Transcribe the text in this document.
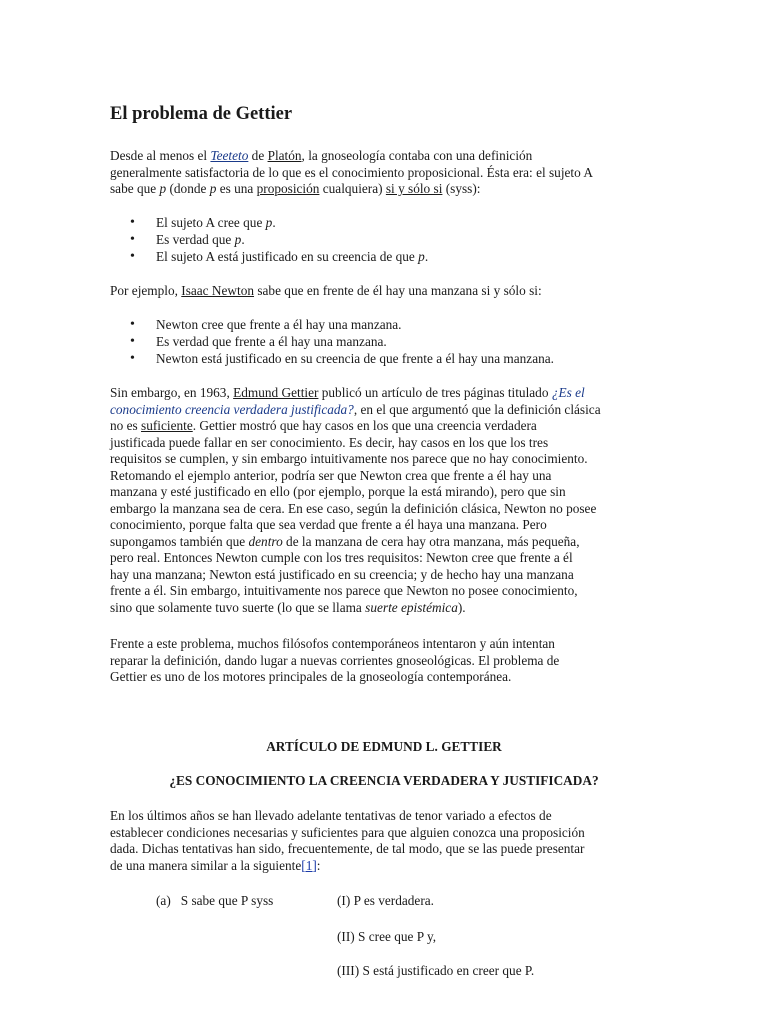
El problema de Gettier

Desde al menos el Teeteto de Platón, la gnoseología contaba con una definición
generalmente satisfactoria de lo que es el conocimiento proposicional. Ésta era: el sujeto A
sabe que p (donde p es una proposición cualquiera) si y sólo si (syss):

• El sujeto A cree que p.
• Es verdad que p.
• El sujeto A está justificado en su creencia de que p.

Por ejemplo, Isaac Newton sabe que en frente de él hay una manzana si y sólo si:

• Newton cree que frente a él hay una manzana.
• Es verdad que frente a él hay una manzana.
• Newton está justificado en su creencia de que frente a él hay una manzana.

Sin embargo, en 1963, Edmund Gettier publicó un artículo de tres páginas titulado ¿Es el
conocimiento creencia verdadera justificada?, en el que argumentó que la definición clásica
no es suficiente. Gettier mostró que hay casos en los que una creencia verdadera
justificada puede fallar en ser conocimiento. Es decir, hay casos en los que los tres
requisitos se cumplen, y sin embargo intuitivamente nos parece que no hay conocimiento.
Retomando el ejemplo anterior, podría ser que Newton crea que frente a él hay una
manzana y esté justificado en ello (por ejemplo, porque la está mirando), pero que sin
embargo la manzana sea de cera. En ese caso, según la definición clásica, Newton no posee
conocimiento, porque falta que sea verdad que frente a él haya una manzana. Pero
supongamos también que dentro de la manzana de cera hay otra manzana, más pequeña,
pero real. Entonces Newton cumple con los tres requisitos: Newton cree que frente a él
hay una manzana; Newton está justificado en su creencia; y de hecho hay una manzana
frente a él. Sin embargo, intuitivamente nos parece que Newton no posee conocimiento,
sino que solamente tuvo suerte (lo que se llama suerte epistémica).

Frente a este problema, muchos filósofos contemporáneos intentaron y aún intentan
reparar la definición, dando lugar a nuevas corrientes gnoseológicas. El problema de
Gettier es uno de los motores principales de la gnoseología contemporánea.

ARTÍCULO DE EDMUND L. GETTIER

¿ES CONOCIMIENTO LA CREENCIA VERDADERA Y JUSTIFICADA?

En los últimos años se han llevado adelante tentativas de tenor variado a efectos de
establecer condiciones necesarias y suficientes para que alguien conozca una proposición
dada. Dichas tentativas han sido, frecuentemente, de tal modo, que se las puede presentar
de una manera similar a la siguiente[1]:

(a)   S sabe que P syss	(I) P es verdadera.
(II) S cree que P y,
(III) S está justificado en creer que P.
